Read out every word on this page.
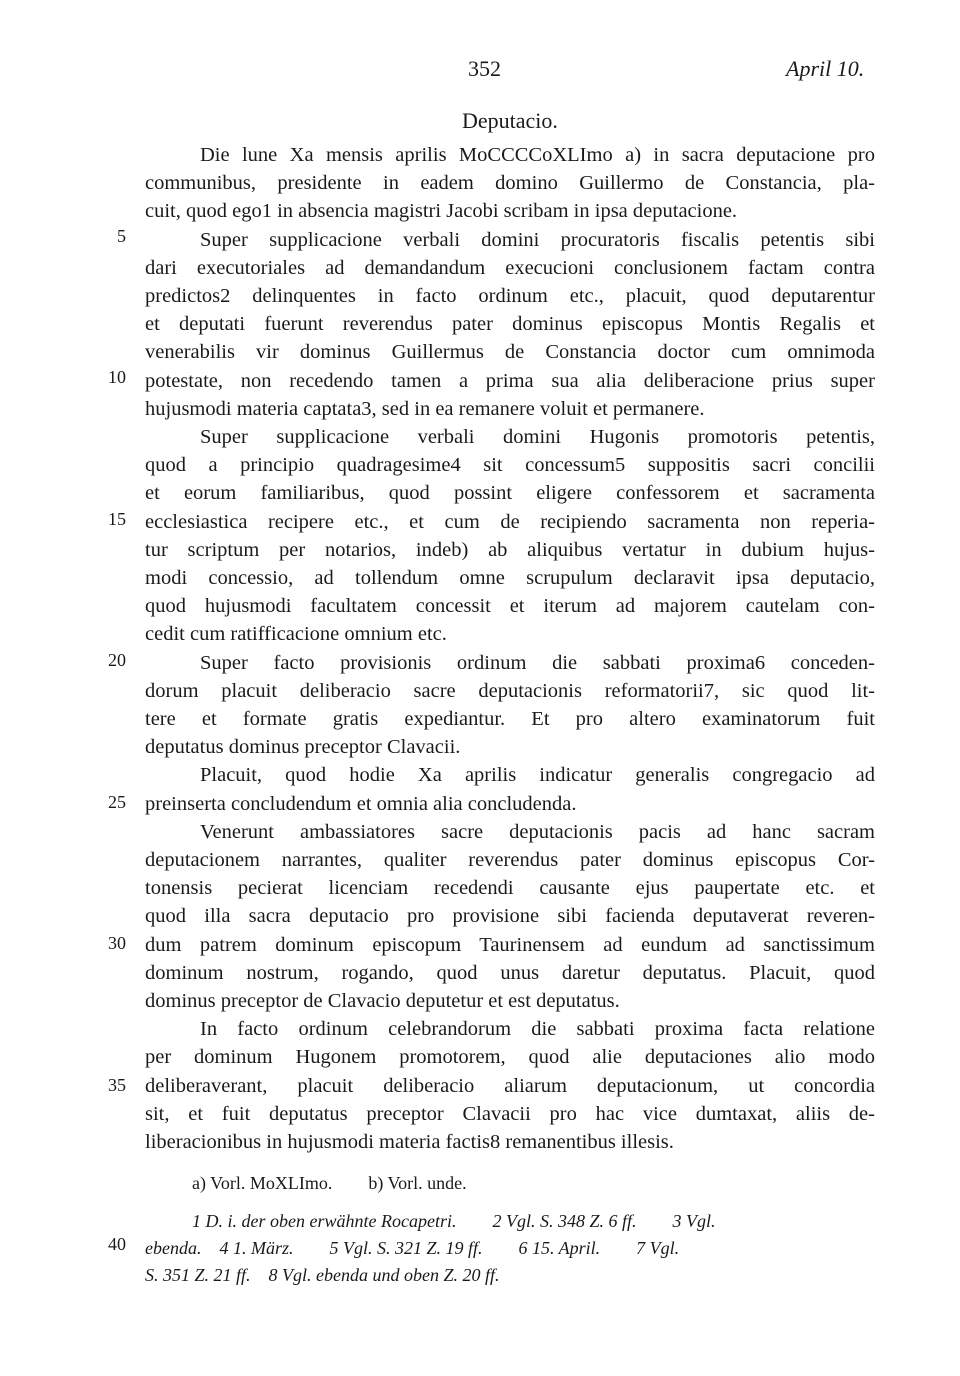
352	April 10.
Deputacio.
Die lune Xa mensis aprilis MoCCCCoXLImo a) in sacra deputacione pro
communibus, presidente in eadem domino Guillermo de Constancia, pla-
cuit, quod ego1 in absencia magistri Jacobi scribam in ipsa deputacione.
Super supplicacione verbali domini procuratoris fiscalis petentis sibi
dari executoriales ad demandandum execucioni conclusionem factam contra
predictos2 delinquentes in facto ordinum etc., placuit, quod deputarentur
et deputati fuerunt reverendus pater dominus episcopus Montis Regalis et
venerabilis vir dominus Guillermus de Constancia doctor cum omnimoda
potestate, non recedendo tamen a prima sua alia deliberacione prius super
hujusmodi materia captata3, sed in ea remanere voluit et permanere.
Super supplicacione verbali domini Hugonis promotoris petentis,
quod a principio quadragesime4 sit concessum5 suppositis sacri concilii
et eorum familiaribus, quod possint eligere confessorem et sacramenta
ecclesiastica recipere etc., et cum de recipiendo sacramenta non reperia-
tur scriptum per notarios, indeb) ab aliquibus vertatur in dubium hujus-
modi concessio, ad tollendum omne scrupulum declaravit ipsa deputacio,
quod hujusmodi facultatem concessit et iterum ad majorem cautelam con-
cedit cum ratifficacione omnium etc.
Super facto provisionis ordinum die sabbati proxima6 conceden-
dorum placuit deliberacio sacre deputacionis reformatorii7, sic quod lit-
tere et formate gratis expediantur. Et pro altero examinatorum fuit
deputatus dominus preceptor Clavacii.
Placuit, quod hodie Xa aprilis indicatur generalis congregacio ad
preinserta concludendum et omnia alia concludenda.
Venerunt ambassiatores sacre deputacionis pacis ad hanc sacram
deputacionem narrantes, qualiter reverendus pater dominus episcopus Cor-
tonensis pecierat licenciam recedendi causante ejus paupertate etc. et
quod illa sacra deputacio pro provisione sibi facienda deputaverat reveren-
dum patrem dominum episcopum Taurinensem ad eundum ad sanctissimum
dominum nostrum, rogando, quod unus daretur deputatus. Placuit, quod
dominus preceptor de Clavacio deputetur et est deputatus.
In facto ordinum celebrandorum die sabbati proxima facta relatione
per dominum Hugonem promotorem, quod alie deputaciones alio modo
deliberaverant, placuit deliberacio aliarum deputacionum, ut concordia
sit, et fuit deputatus preceptor Clavacii pro hac vice dumtaxat, aliis de-
liberacionibus in hujusmodi materia factis8 remanentibus illesis.
5
10
15
20
25
30
35
40
a) Vorl. MoXLImo.        b) Vorl. unde.
1 D. i. der oben erwähnte Rocapetri.        2 Vgl. S. 348 Z. 6 ff.        3 Vgl.
ebenda.    4 1. März.        5 Vgl. S. 321 Z. 19 ff.        6 15. April.        7 Vgl.
S. 351 Z. 21 ff.    8 Vgl. ebenda und oben Z. 20 ff.
